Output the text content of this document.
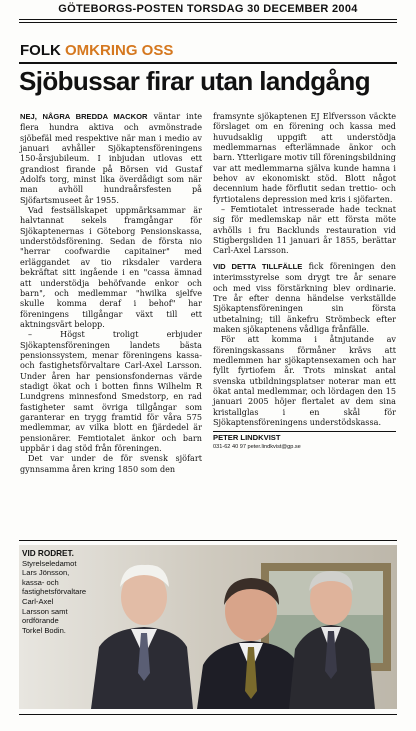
GÖTEBORGS-POSTEN TORSDAG 30 DECEMBER 2004
FOLK OMKRING OSS
Sjöbussar firar utan landgång

NEJ, NÅGRA BREDDA MACKOR väntar inte flera hundra aktiva och avmönstrade sjöbefäl med respektive när man i medio av januari avhåller Sjökaptensföreningens 150-årsjubileum. I inbjudan utlovas ett grandiost firande på Börsen vid Gustaf Adolfs torg, minst lika överdådigt som när man avhöll hundraårsfesten på Sjöfartsmuseet år 1955.

Vad festsällskapet uppmärksammar är halvtannat sekels framgångar för Sjökaptenernas i Göteborg Pensionskassa, understödsförening. Sedan de första nio "herrar coofwardie capitainer" med erläggandet av tio riksdaler vardera bekräftat sitt ingående i en "cassa ämnad att understödja behöfvande enkor och barn", och medlemmar "hwilka sjelfve skulle komma deraf i behof" har föreningens tillgångar växt till ett aktningsvärt belopp.

– Högst troligt erbjuder Sjökaptensföreningen landets bästa pensionssystem, menar föreningens kassa- och fastighetsförvaltare Carl-Axel Larsson. Under åren har pensionsfondernas värde stadigt ökat och i botten finns Wilhelm R Lundgrens minnesfond Smedstorp, en rad fastigheter samt övriga tillgångar som garanterar en trygg framtid för våra 575 medlemmar, av vilka blott en fjärdedel är pensionärer. Femtiotalet änkor och barn uppbär i dag stöd från föreningen.

Det var under de för svensk sjöfart gynnsamma åren kring 1850 som den

framsynte sjökaptenen EJ Elfversson väckte förslaget om en förening och kassa med huvudsaklig uppgift att understödja medlemmarnas efterlämnade änkor och barn. Ytterligare motiv till föreningsbildning var att medlemmarna själva kunde hamna i behov av ekonomiskt stöd. Blott något decennium hade förflutit sedan trettio- och fyrtiotalens depression med kris i sjöfarten.

– Femtiotalet intresserade hade tecknat sig för medlemskap när ett första möte avhölls i fru Backlunds restauration vid Stigbergsliden 11 januari år 1855, berättar Carl-Axel Larsson.

VID DETTA TILLFÄLLE fick föreningen den interimsstyrelse som drygt tre år senare och med viss förstärkning blev ordinarie. Tre år efter denna händelse verkställde Sjökaptensföreningen sin första utbetalning; till änkefru Strömbeck efter maken sjökaptenens vådliga frånfälle.

För att komma i åtnjutande av föreningskassans förmåner krävs att medlemmen har sjökaptensexamen och har fyllt fyrtiofem år. Trots minskat antal svenska utbildningsplatser noterar man ett ökat antal medlemmar, och lördagen den 15 januari 2005 höjer flertalet av dem sina kristallglas i en skål för Sjökaptensföreningens understödskassa.

PETER LINDKVIST

031-62 40 97 peter.lindkvist@gp.se

VID RODRET. Styrelseledamot Lars Jönsson, kassa- och fastighetsförvaltare Carl-Axel Larsson samt ordförande Torkel Bodin.
